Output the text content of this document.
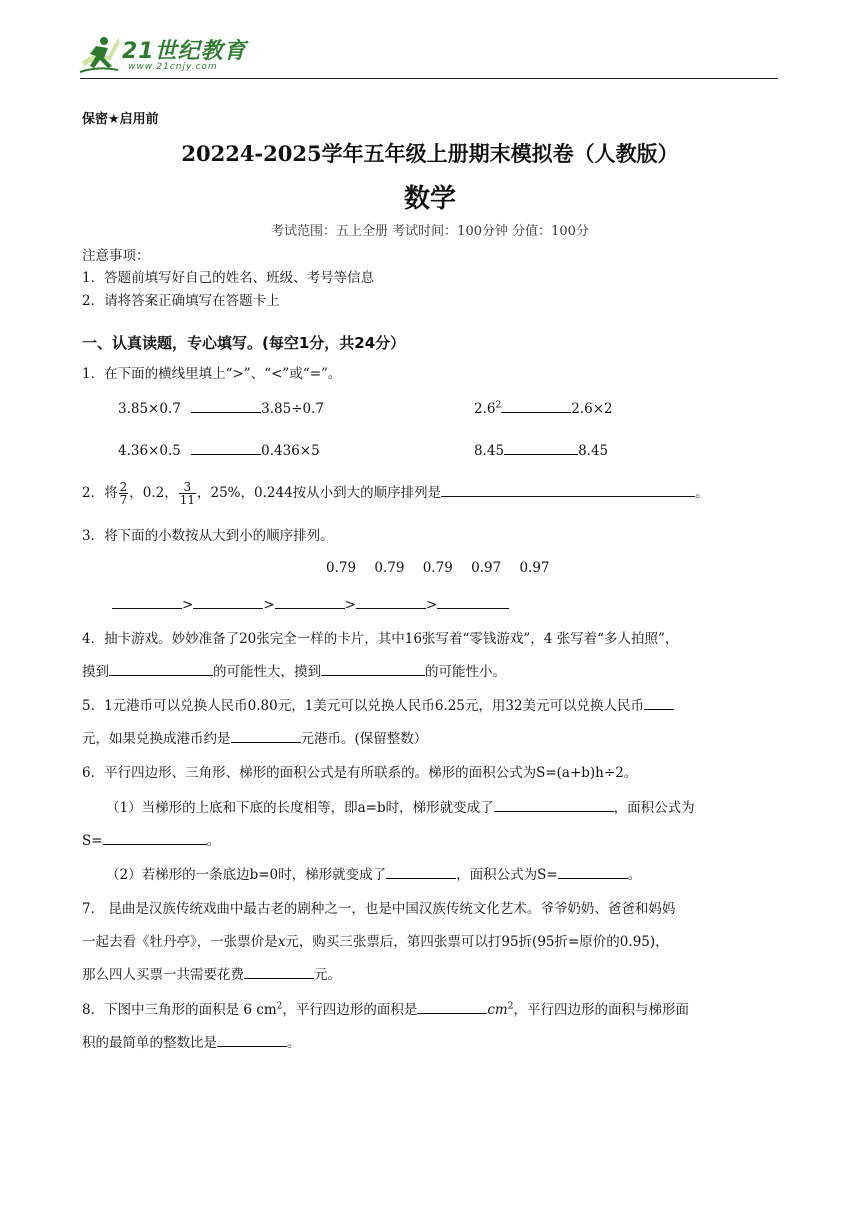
21世纪教育
www.21cnjy.com
保密★启用前
20224-2025学年五年级上册期末模拟卷（人教版）
数学
考试范围：五上全册 考试时间：100分钟 分值：100分
注意事项：
1．答题前填写好自己的姓名、班级、考号等信息
2．请将答案正确填写在答题卡上
一、认真读题，专心填写。(每空1分，共24分）
1．在下面的横线里填上“>”、“<”或“=”。
3.85×0.7	3.85÷0.7	$2.6^2$	2.6×2
4.36×0.5	0.436×5	8.45	8.45
2．将 $\frac{2}{7}$ ，0.2， $\frac{3}{11}$ ，25%，0.244按从小到大的顺序排列是	。
3．将下面的小数按从大到小的顺序排列。
0.79 0.79 0.79 0.97 0.97
>	>	>	>
4．抽卡游戏。妙妙准备了20张完全一样的卡片，其中16张写着“零钱游戏”，4 张写着“多人拍照”，
摸到	的可能性大，摸到	的可能性小。
5．1元港币可以兑换人民币0.80元，1美元可以兑换人民币6.25元，用32美元可以兑换人民币
元，如果兑换成港币约是	元港币。(保留整数）
6．平行四边形、三角形、梯形的面积公式是有所联系的。梯形的面积公式为S=(a+b)h÷2。
（1）当梯形的上底和下底的长度相等，即a=b时，梯形就变成了	，面积公式为
S=	。
（2）若梯形的一条底边b=0时，梯形就变成了	，面积公式为S=	。
7． 昆曲是汉族传统戏曲中最古老的剧种之一，也是中国汉族传统文化艺术。爷爷奶奶、爸爸和妈妈
一起去看《牡丹亭》，一张票价是x元，购买三张票后，第四张票可以打95折(95折=原价的0.95)，
那么四人买票一共需要花费	元。
8．下图中三角形的面积是 6 $cm^2$，平行四边形的面积是	$cm^2$，平行四边形的面积与梯形面
积的最简单的整数比是	。
